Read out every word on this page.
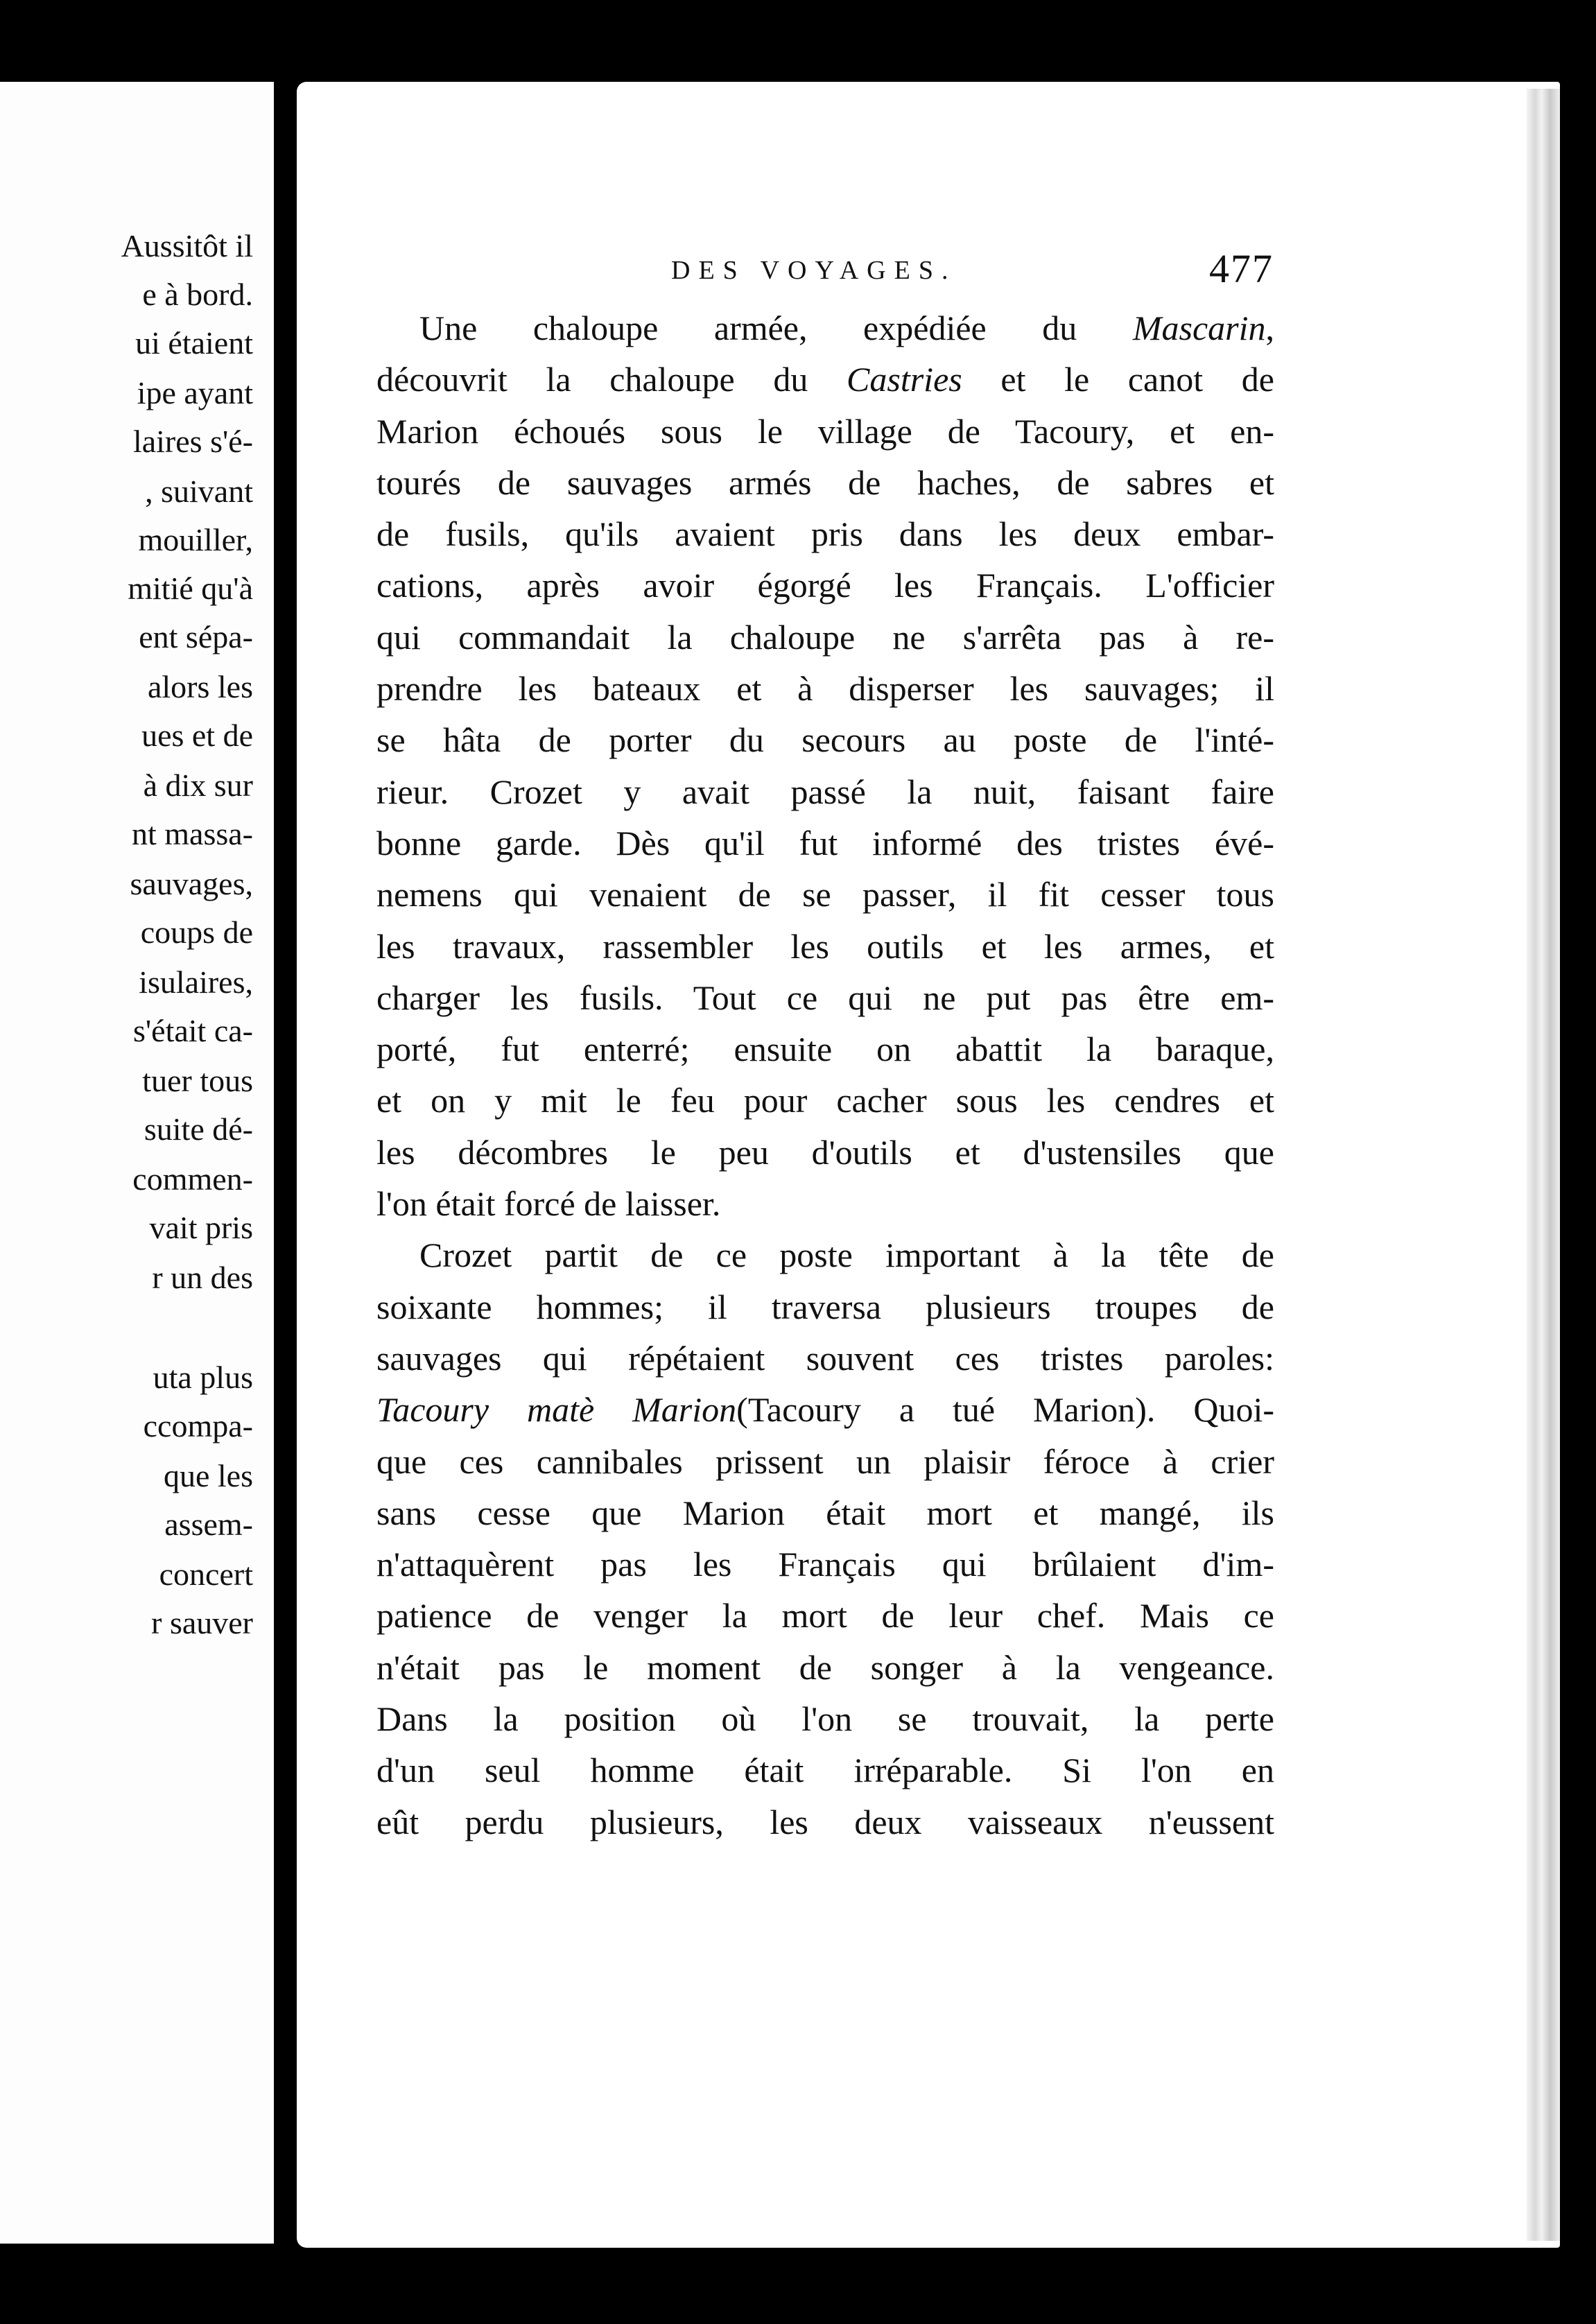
Aussitôt il

e à bord.

ui étaient

ipe ayant

laires s'é-

, suivant

mouiller,

mitié qu'à

ent sépa-

alors les

ues et de

à dix sur

nt massa-

sauvages,

coups de

isulaires,

s'était ca-

tuer tous

suite dé-

commen-

vait pris

r un des

uta plus

ccompa-

que les

assem-

concert

r sauver

DES VOYAGES.	477
Une chaloupe armée, expédiée du Mascarin,
découvrit la chaloupe du Castries et le canot de
Marion échoués sous le village de Tacoury, et en-
tourés de sauvages armés de haches, de sabres et
de fusils, qu'ils avaient pris dans les deux embar-
cations, après avoir égorgé les Français. L'officier
qui commandait la chaloupe ne s'arrêta pas à re-
prendre les bateaux et à disperser les sauvages; il
se hâta de porter du secours au poste de l'inté-
rieur. Crozet y avait passé la nuit, faisant faire
bonne garde. Dès qu'il fut informé des tristes évé-
nemens qui venaient de se passer, il fit cesser tous
les travaux, rassembler les outils et les armes, et
charger les fusils. Tout ce qui ne put pas être em-
porté, fut enterré; ensuite on abattit la baraque,
et on y mit le feu pour cacher sous les cendres et
les décombres le peu d'outils et d'ustensiles que
l'on était forcé de laisser.
Crozet partit de ce poste important à la tête de
soixante hommes; il traversa plusieurs troupes de
sauvages qui répétaient souvent ces tristes paroles:
Tacoury matè Marion(Tacoury a tué Marion). Quoi-
que ces cannibales prissent un plaisir féroce à crier
sans cesse que Marion était mort et mangé, ils
n'attaquèrent pas les Français qui brûlaient d'im-
patience de venger la mort de leur chef. Mais ce
n'était pas le moment de songer à la vengeance.
Dans la position où l'on se trouvait, la perte
d'un seul homme était irréparable. Si l'on en
eût perdu plusieurs, les deux vaisseaux n'eussent
